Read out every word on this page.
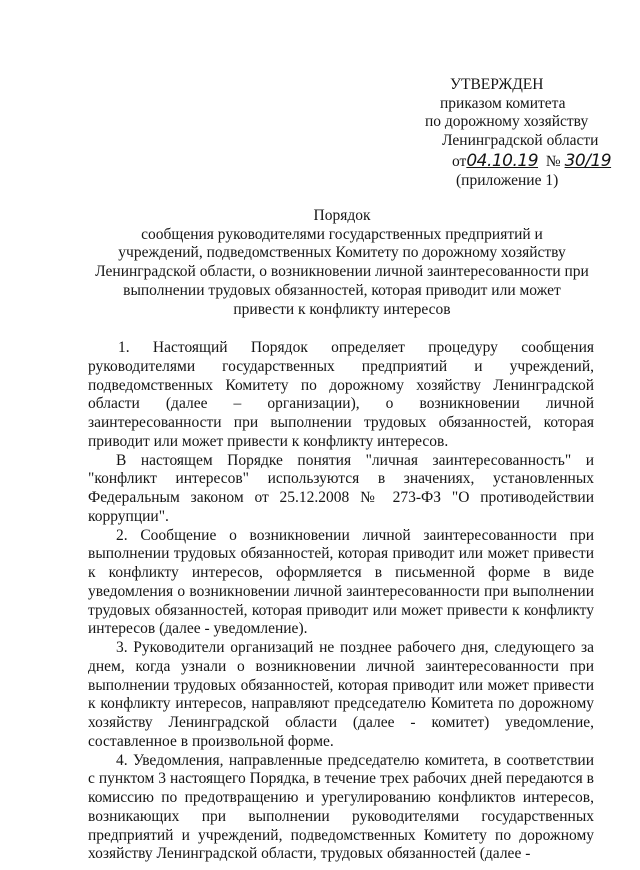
УТВЕРЖДЕН
приказом комитета
по дорожному хозяйству
Ленинградской области
от04.10.19 № 30/19
(приложение 1)
Порядок
сообщения руководителями государственных предприятий и
учреждений, подведомственных Комитету по дорожному хозяйству
Ленинградской области, о возникновении личной заинтересованности при
выполнении трудовых обязанностей, которая приводит или может
привести к конфликту интересов

1. Настоящий Порядок определяет процедуру сообщения руководителями государственных предприятий и учреждений, подведомственных Комитету по дорожному хозяйству Ленинградской области (далее – организации), о возникновении личной заинтересованности при выполнении трудовых обязанностей, которая приводит или может привести к конфликту интересов.

В настоящем Порядке понятия "личная заинтересованность" и "конфликт интересов" используются в значениях, установленных Федеральным законом от 25.12.2008 № 273-ФЗ "О противодействии коррупции".

2. Сообщение о возникновении личной заинтересованности при выполнении трудовых обязанностей, которая приводит или может привести к конфликту интересов, оформляется в письменной форме в виде уведомления о возникновении личной заинтересованности при выполнении трудовых обязанностей, которая приводит или может привести к конфликту интересов (далее - уведомление).

3. Руководители организаций не позднее рабочего дня, следующего за днем, когда узнали о возникновении личной заинтересованности при выполнении трудовых обязанностей, которая приводит или может привести к конфликту интересов, направляют председателю Комитета по дорожному хозяйству Ленинградской области (далее - комитет) уведомление, составленное в произвольной форме.

4. Уведомления, направленные председателю комитета, в соответствии с пунктом 3 настоящего Порядка, в течение трех рабочих дней передаются в комиссию по предотвращению и урегулированию конфликтов интересов, возникающих при выполнении руководителями государственных предприятий и учреждений, подведомственных Комитету по дорожному хозяйству Ленинградской области, трудовых обязанностей (далее -
